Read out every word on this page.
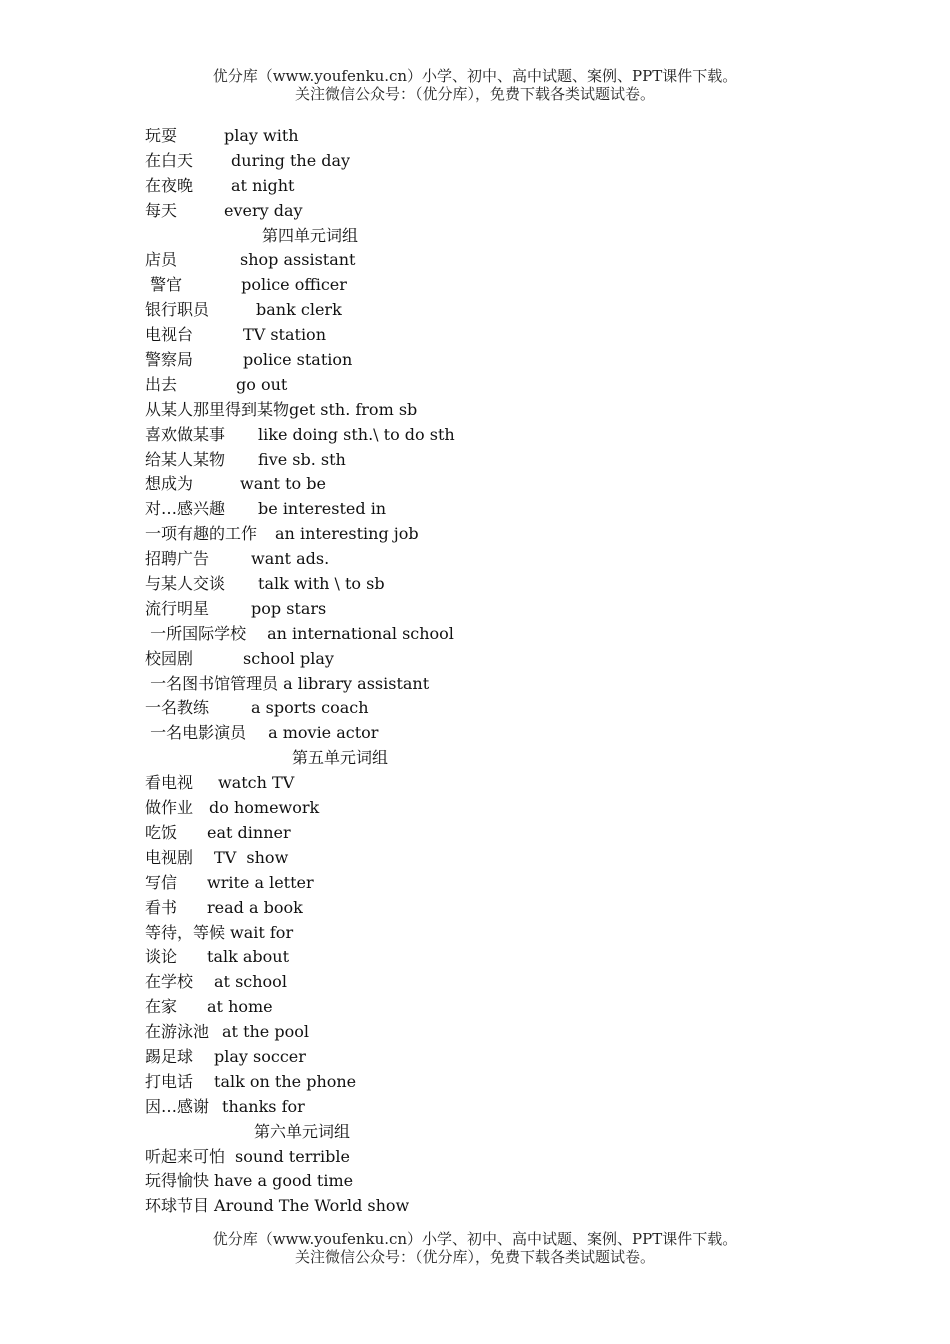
优分库（www.youfenku.cn）小学、初中、高中试题、案例、PPT课件下载。
关注微信公众号：（优分库），免费下载各类试题试卷。
玩耍	play with
在白天 during the day
在夜晚 at night
每天	every day
第四单元词组
店员	shop assistant
警官	police officer
银行职员	bank clerk
电视台	TV station
警察局	police station
出去	go out
从某人那里得到某物 get sth. from sb
喜欢做某事 like doing sth.\ to do sth
给某人某物 five sb. sth
想成为	want to be
对…感兴趣 be interested in
一项有趣的工作 an interesting job
招聘广告	want ads.
与某人交谈 talk with \ to sb
流行明星	pop stars
一所国际学校 an international school
校园剧	school play
一名图书馆管理员 a library assistant
一名教练	a sports coach
一名电影演员 a movie actor
第五单元词组
看电视 watch TV
做作业 do homework
吃饭 eat dinner
电视剧 TV  show
写信 write a letter
看书 read a book
等待，等候 wait for
谈论 talk about
在学校 at school
在家 at home
在游泳池 at the pool
踢足球 play soccer
打电话 talk on the phone
因…感谢 thanks for
第六单元词组
听起来可怕 sound terrible
玩得愉快 have a good time
环球节目 Around The World show
优分库（www.youfenku.cn）小学、初中、高中试题、案例、PPT课件下载。
关注微信公众号：（优分库），免费下载各类试题试卷。
